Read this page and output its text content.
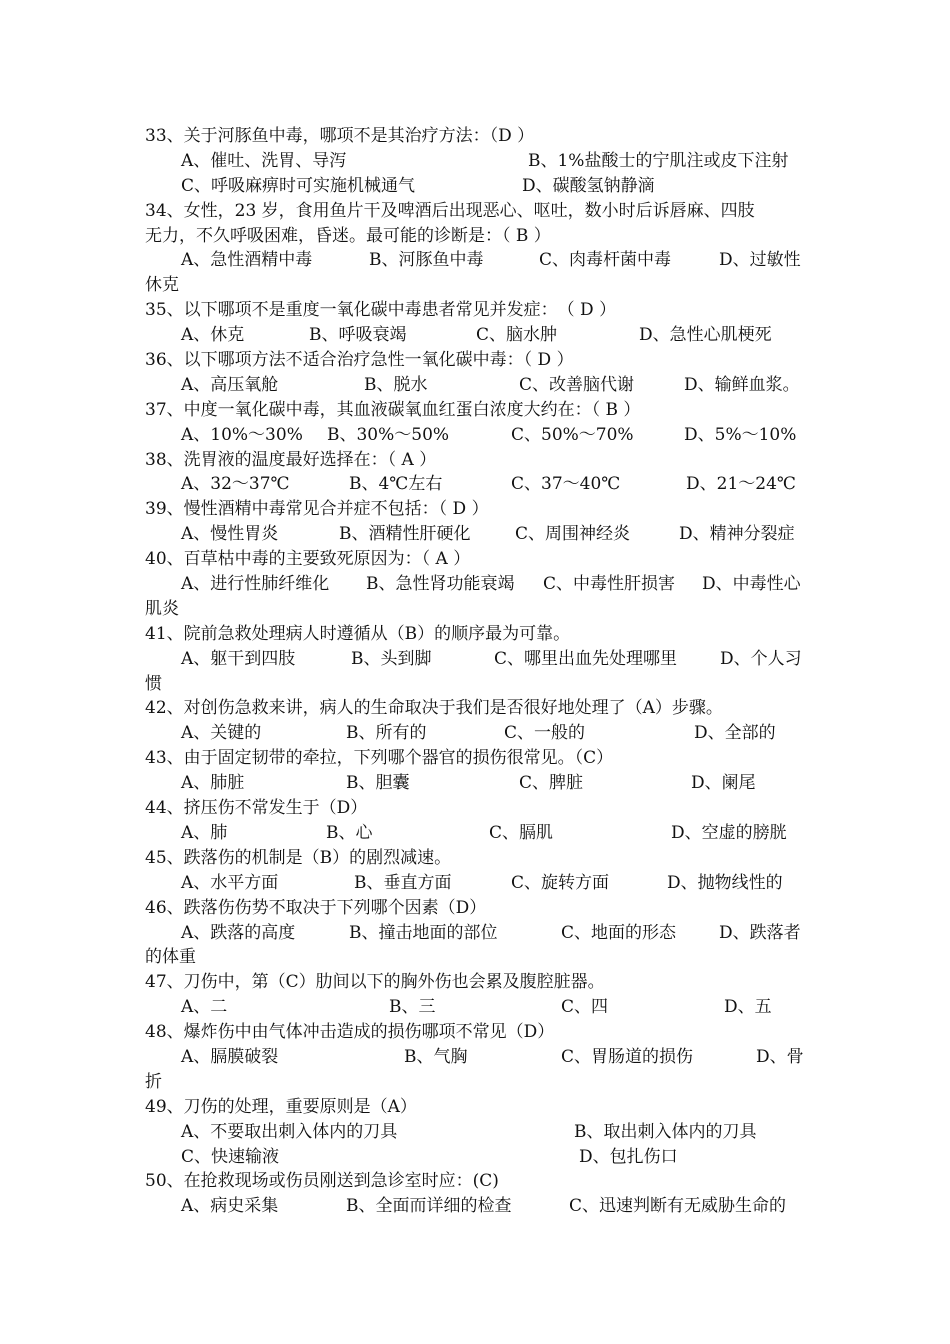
33、关于河豚鱼中毒，哪项不是其治疗方法：（D ）
A、催吐、洗胃、导泻	B、1%盐酸士的宁肌注或皮下注射
C、呼吸麻痹时可实施机械通气	D、碳酸氢钠静滴
34、女性，23 岁，食用鱼片干及啤酒后出现恶心、呕吐，数小时后诉唇麻、四肢
无力，不久呼吸困难，昏迷。最可能的诊断是：（ B ）
A、急性酒精中毒	B、河豚鱼中毒	C、肉毒杆菌中毒	D、过敏性
休克
35、以下哪项不是重度一氧化碳中毒患者常见并发症：　（ D ）
A、休克	B、呼吸衰竭	C、脑水肿	D、急性心肌梗死
36、以下哪项方法不适合治疗急性一氧化碳中毒：（ D ）
A、高压氧舱	B、脱水	C、改善脑代谢	D、输鲜血浆。
37、中度一氧化碳中毒，其血液碳氧血红蛋白浓度大约在：（ B ）
A、10%～30% B、30%～50%	C、50%～70%	D、5%～10%
38、洗胃液的温度最好选择在：（ A ）
A、32～37℃	B、4℃左右	C、37～40℃	D、21～24℃
39、慢性酒精中毒常见合并症不包括：（ D ）
A、慢性胃炎	B、酒精性肝硬化	C、周围神经炎	D、精神分裂症
40、百草枯中毒的主要致死原因为：（ A ）
A、进行性肺纤维化 B、急性肾功能衰竭 C、中毒性肝损害 D、中毒性心
肌炎
41、院前急救处理病人时遵循从（B）的顺序最为可靠。
A、躯干到四肢	B、头到脚	C、哪里出血先处理哪里	D、个人习
惯
42、对创伤急救来讲，病人的生命取决于我们是否很好地处理了（A）步骤。
A、关键的	B、所有的	C、一般的	D、全部的
43、由于固定韧带的牵拉，下列哪个器官的损伤很常见。（C）
A、肺脏	B、胆囊	C、脾脏	D、阑尾
44、挤压伤不常发生于（D）
A、肺	B、心	C、膈肌	D、空虚的膀胱
45、跌落伤的机制是（B）的剧烈减速。
A、水平方面	B、垂直方面	C、旋转方面	D、抛物线性的
46、跌落伤伤势不取决于下列哪个因素（D）
A、跌落的高度	B、撞击地面的部位	C、地面的形态	D、跌落者
的体重
47、刀伤中，第（C）肋间以下的胸外伤也会累及腹腔脏器。
A、二	B、三	C、四	D、五
48、爆炸伤中由气体冲击造成的损伤哪项不常见（D）
A、膈膜破裂	B、气胸	C、胃肠道的损伤	D、骨
折
49、刀伤的处理，重要原则是（A）
A、不要取出刺入体内的刀具	B、取出刺入体内的刀具
C、快速输液	D、包扎伤口
50、在抢救现场或伤员刚送到急诊室时应：(C)
A、病史采集	B、全面而详细的检查	C、迅速判断有无威胁生命的
